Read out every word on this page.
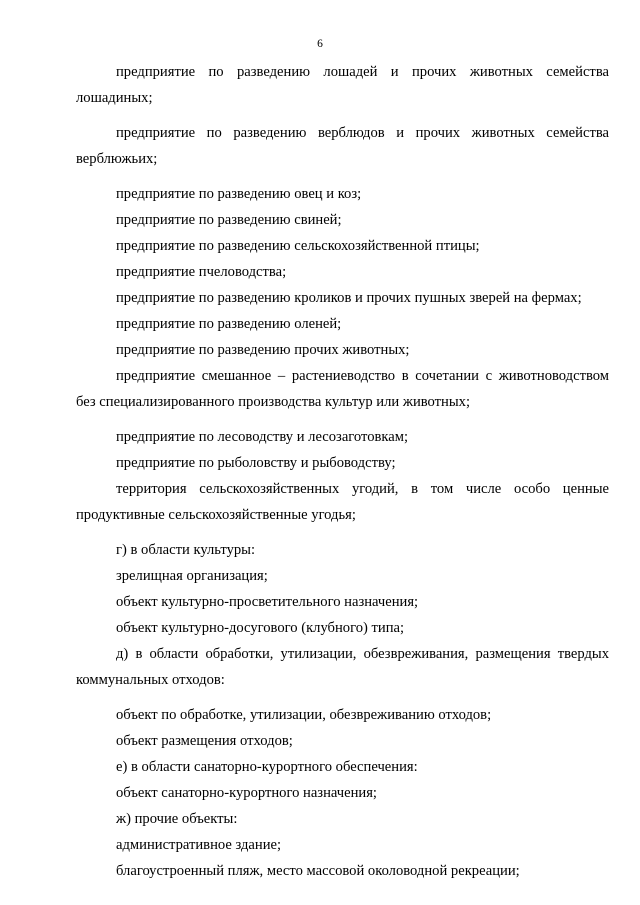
6

предприятие по разведению лошадей и прочих животных семейства лошадиных;

предприятие по разведению верблюдов и прочих животных семейства верблюжьих;

предприятие по разведению овец и коз;

предприятие по разведению свиней;

предприятие по разведению сельскохозяйственной птицы;

предприятие пчеловодства;

предприятие по разведению кроликов и прочих пушных зверей на фермах;

предприятие по разведению оленей;

предприятие по разведению прочих животных;

предприятие смешанное – растениеводство в сочетании с животноводством без специализированного производства культур или животных;

предприятие по лесоводству и лесозаготовкам;

предприятие по рыболовству и рыбоводству;

территория сельскохозяйственных угодий, в том числе особо ценные продуктивные сельскохозяйственные угодья;

г) в области культуры:

зрелищная организация;

объект культурно-просветительного назначения;

объект культурно-досугового (клубного) типа;

д) в области обработки, утилизации, обезвреживания, размещения твердых коммунальных отходов:

объект по обработке, утилизации, обезвреживанию отходов;

объект размещения отходов;

е) в области санаторно-курортного обеспечения:

объект санаторно-курортного назначения;

ж) прочие объекты:

административное здание;

благоустроенный пляж, место массовой околоводной рекреации;
